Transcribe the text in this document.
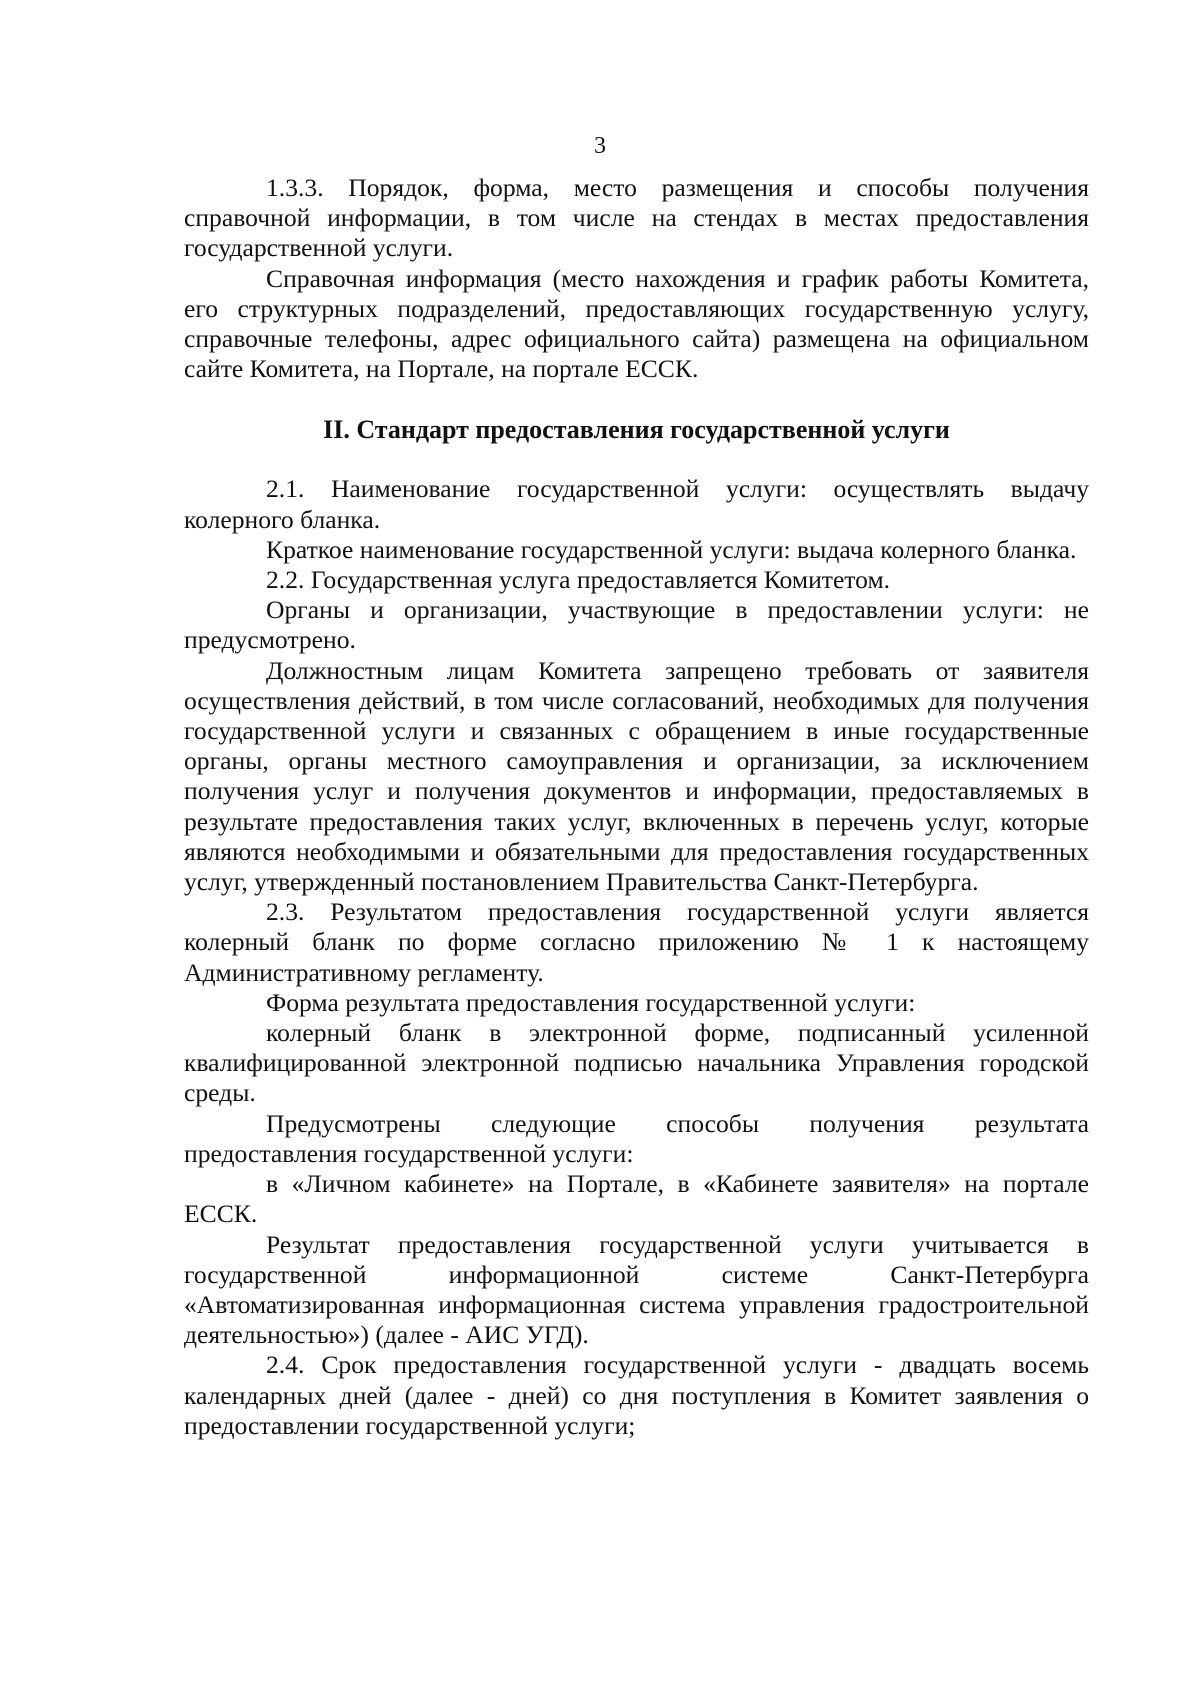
3

1.3.3. Порядок, форма, место размещения и способы получения справочной информации, в том числе на стендах в местах предоставления государственной услуги.

Справочная информация (место нахождения и график работы Комитета, его структурных подразделений, предоставляющих государственную услугу, справочные телефоны, адрес официального сайта) размещена на официальном сайте Комитета, на Портале, на портале ЕССК.

II. Стандарт предоставления государственной услуги

2.1. Наименование государственной услуги: осуществлять выдачу колерного бланка.

Краткое наименование государственной услуги: выдача колерного бланка.

2.2. Государственная услуга предоставляется Комитетом.

Органы и организации, участвующие в предоставлении услуги: не предусмотрено.

Должностным лицам Комитета запрещено требовать от заявителя осуществления действий, в том числе согласований, необходимых для получения государственной услуги и связанных с обращением в иные государственные органы, органы местного самоуправления и организации, за исключением получения услуг и получения документов и информации, предоставляемых в результате предоставления таких услуг, включенных в перечень услуг, которые являются необходимыми и обязательными для предоставления государственных услуг, утвержденный постановлением Правительства Санкт-Петербурга.

2.3. Результатом предоставления государственной услуги является колерный бланк по форме согласно приложению № 1 к настоящему Административному регламенту.

Форма результата предоставления государственной услуги:

колерный бланк в электронной форме, подписанный усиленной квалифицированной электронной подписью начальника Управления городской среды.

Предусмотрены следующие способы получения результата предоставления государственной услуги:

в «Личном кабинете» на Портале, в «Кабинете заявителя» на портале ЕССК.

Результат предоставления государственной услуги учитывается в государственной информационной системе Санкт-Петербурга «Автоматизированная информационная система управления градостроительной деятельностью») (далее - АИС УГД).

2.4. Срок предоставления государственной услуги - двадцать восемь календарных дней (далее - дней) со дня поступления в Комитет заявления о предоставлении государственной услуги;
